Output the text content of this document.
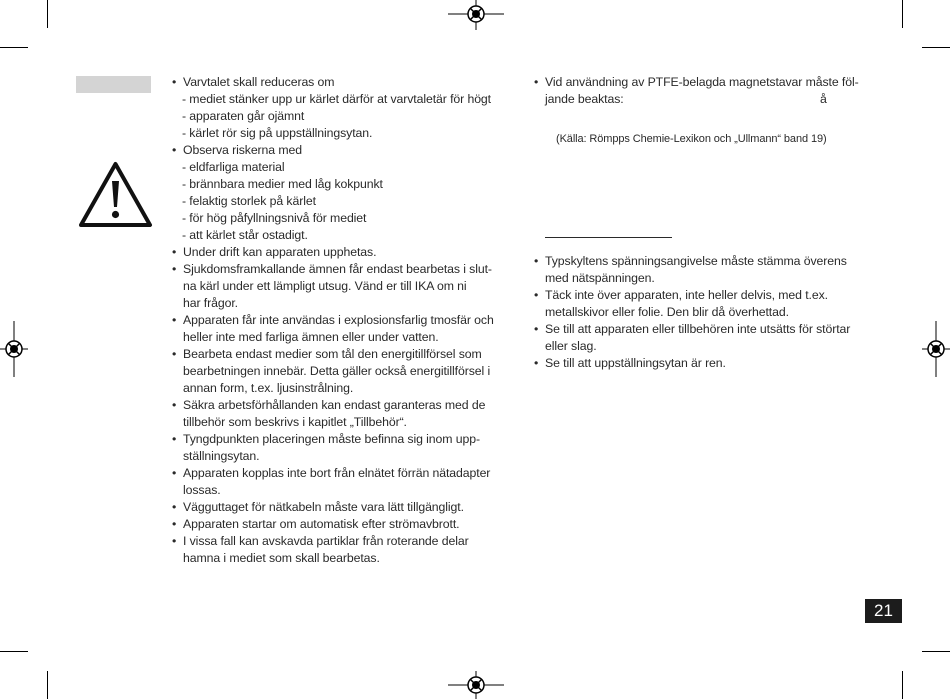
• Varvtalet skall reduceras om
- mediet stänker upp ur kärlet därför at varvtaletär för högt
- apparaten går ojämnt
- kärlet rör sig på uppställningsytan.
• Observa riskerna med
- eldfarliga material
- brännbara medier med låg kokpunkt
- felaktig storlek på kärlet
- för hög påfyllningsnivå för mediet
- att kärlet står ostadigt.
• Under drift kan apparaten upphetas.
• Sjukdomsframkallande ämnen får endast bearbetas i slut-
na kärl under ett lämpligt utsug. Vänd er till IKA om ni
har frågor.
• Apparaten får inte användas i explosionsfarlig tmosfär och
heller inte med farliga ämnen eller under vatten.
• Bearbeta endast medier som tål den energitillförsel som
bearbetningen innebär. Detta gäller också energitillförsel i
annan form, t.ex. ljusinstrålning.
• Säkra arbetsförhållanden kan endast garanteras med de
tillbehör som beskrivs i kapitlet „Tillbehör“.
• Tyngdpunkten placeringen måste befinna sig inom upp-
ställningsytan.
• Apparaten kopplas inte bort från elnätet förrän nätadapter
lossas.
• Vägguttaget för nätkabeln måste vara lätt tillgängligt.
• Apparaten startar om automatisk efter strömavbrott.
• I vissa fall kan avskavda partiklar från roterande delar
hamna i mediet som skall bearbetas.
• Vid användning av PTFE-belagda magnetstavar måste föl-
jande beaktas:
(Källa: Römpps Chemie-Lexikon och „Ullmann“ band 19)
• Typskyltens spänningsangivelse måste stämma överens
med nätspänningen.
• Täck inte över apparaten, inte heller delvis, med t.ex.
metallskivor eller folie. Den blir då överhettad.
• Se till att apparaten eller tillbehören inte utsätts för störtar
eller slag.
• Se till att uppställningsytan är ren.
å
21
